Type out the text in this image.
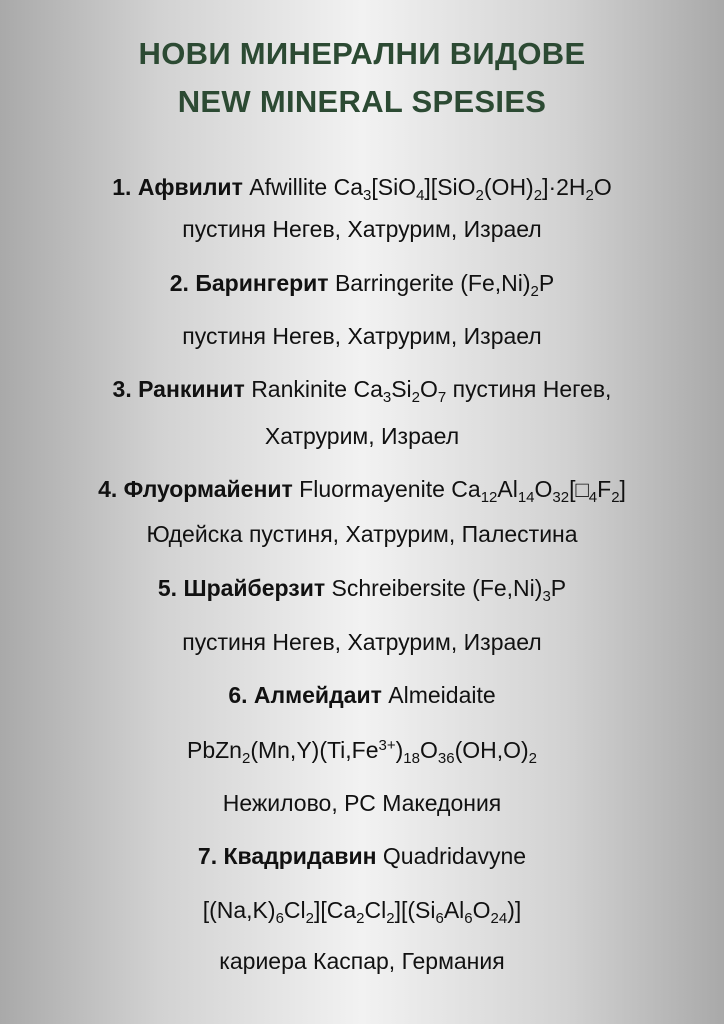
НОВИ МИНЕРАЛНИ ВИДОВЕ
NEW MINERAL SPESIES
1. Афвилит Afwillite $Ca_3[SiO_4][SiO_2(OH)_2]\cdot 2H_2O$
пустиня Негев, Хатрурим, Израел
2. Барингерит Barringerite $(Fe,Ni)_2P$
пустиня Негев, Хатрурим, Израел
3. Ранкинит Rankinite $Ca_3Si_2O_7$ пустиня Негев,
Хатрурим, Израел
4. Флуормайенит Fluormayenite $Ca_{12}Al_{14}O_{32}[□_4F_2]$
Юдейска пустиня, Хатрурим, Палестина
5. Шрайберзит Schreibersite $(Fe,Ni)_3P$
пустиня Негев, Хатрурим, Израел
6. Алмейдаит Almeidaite
$PbZn_2(Mn,Y)(Ti,Fe^{3+})_{18}O_{36}(OH,O)_2$
Нежилово, РС Македония
7. Квадридавин Quadridavyne
$[(Na,K)_6Cl_2][Ca_2Cl_2][(Si_6Al_6O_{24})]$
кариера Каспар, Германия
